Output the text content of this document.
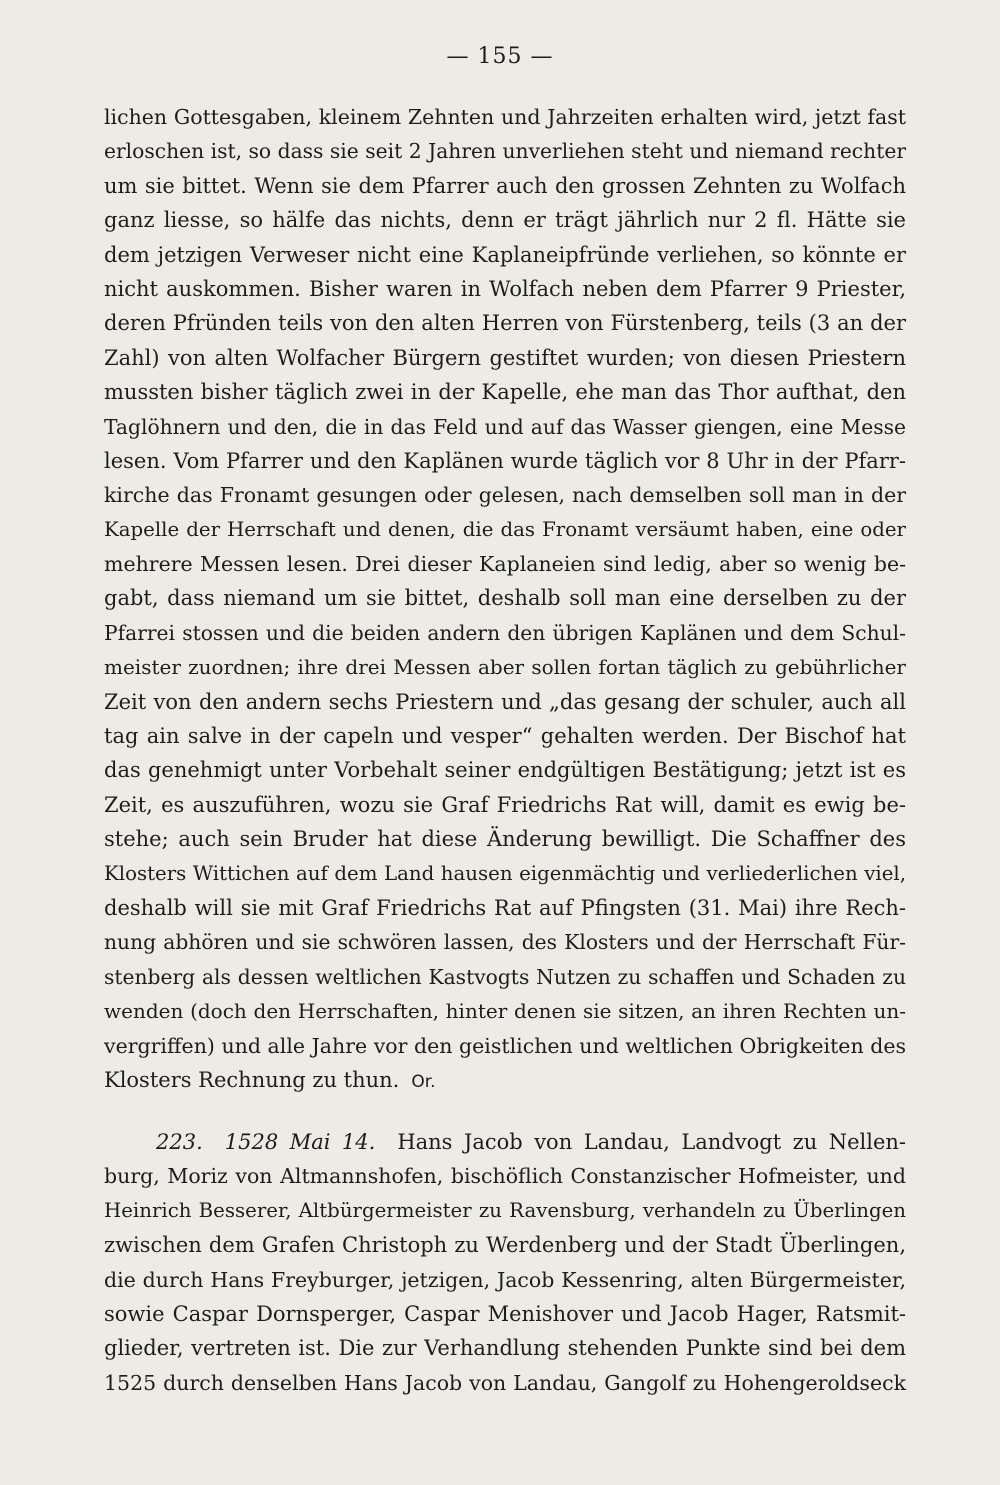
— 155 —
lichen Gottesgaben, kleinem Zehnten und Jahrzeiten erhalten wird, jetzt fast
erloschen ist, so dass sie seit 2 Jahren unverliehen steht und niemand rechter
um sie bittet. Wenn sie dem Pfarrer auch den grossen Zehnten zu Wolfach
ganz liesse, so hälfe das nichts, denn er trägt jährlich nur 2 fl. Hätte sie
dem jetzigen Verweser nicht eine Kaplaneipfründe verliehen, so könnte er
nicht auskommen. Bisher waren in Wolfach neben dem Pfarrer 9 Priester,
deren Pfründen teils von den alten Herren von Fürstenberg, teils (3 an der
Zahl) von alten Wolfacher Bürgern gestiftet wurden; von diesen Priestern
mussten bisher täglich zwei in der Kapelle, ehe man das Thor aufthat, den
Taglöhnern und den, die in das Feld und auf das Wasser giengen, eine Messe
lesen. Vom Pfarrer und den Kaplänen wurde täglich vor 8 Uhr in der Pfarr-
kirche das Fronamt gesungen oder gelesen, nach demselben soll man in der
Kapelle der Herrschaft und denen, die das Fronamt versäumt haben, eine oder
mehrere Messen lesen. Drei dieser Kaplaneien sind ledig, aber so wenig be-
gabt, dass niemand um sie bittet, deshalb soll man eine derselben zu der
Pfarrei stossen und die beiden andern den übrigen Kaplänen und dem Schul-
meister zuordnen; ihre drei Messen aber sollen fortan täglich zu gebührlicher
Zeit von den andern sechs Priestern und „das gesang der schuler, auch all
tag ain salve in der capeln und vesper“ gehalten werden. Der Bischof hat
das genehmigt unter Vorbehalt seiner endgültigen Bestätigung; jetzt ist es
Zeit, es auszuführen, wozu sie Graf Friedrichs Rat will, damit es ewig be-
stehe; auch sein Bruder hat diese Änderung bewilligt. Die Schaffner des
Klosters Wittichen auf dem Land hausen eigenmächtig und verliederlichen viel,
deshalb will sie mit Graf Friedrichs Rat auf Pfingsten (31. Mai) ihre Rech-
nung abhören und sie schwören lassen, des Klosters und der Herrschaft Für-
stenberg als dessen weltlichen Kastvogts Nutzen zu schaffen und Schaden zu
wenden (doch den Herrschaften, hinter denen sie sitzen, an ihren Rechten un-
vergriffen) und alle Jahre vor den geistlichen und weltlichen Obrigkeiten des
Klosters Rechnung zu thun. Or.
223. 1528 Mai 14. Hans Jacob von Landau, Landvogt zu Nellen-
burg, Moriz von Altmannshofen, bischöflich Constanzischer Hofmeister, und
Heinrich Besserer, Altbürgermeister zu Ravensburg, verhandeln zu Überlingen
zwischen dem Grafen Christoph zu Werdenberg und der Stadt Überlingen,
die durch Hans Freyburger, jetzigen, Jacob Kessenring, alten Bürgermeister,
sowie Caspar Dornsperger, Caspar Menishover und Jacob Hager, Ratsmit-
glieder, vertreten ist. Die zur Verhandlung stehenden Punkte sind bei dem
1525 durch denselben Hans Jacob von Landau, Gangolf zu Hohengeroldseck
